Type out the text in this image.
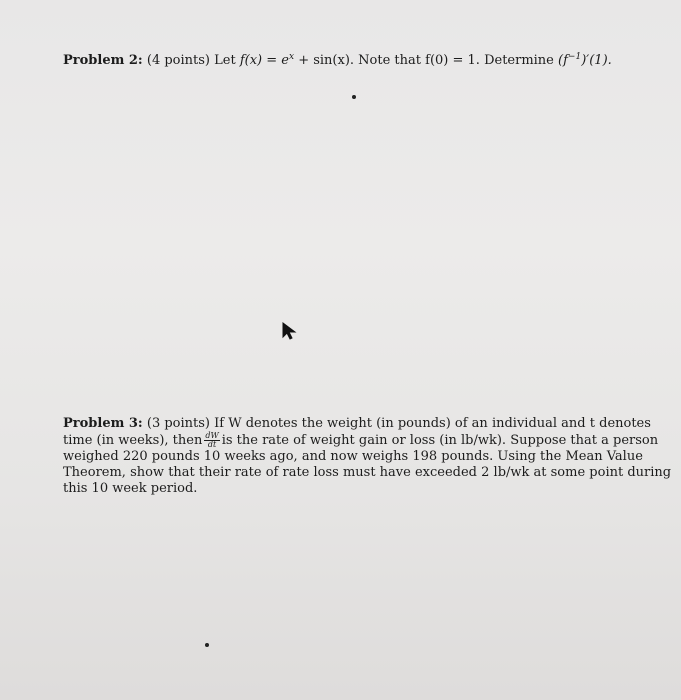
Problem 2: (4 points) Let $f(x) = e^x + \sin(x)$. Note that f(0) = 1. Determine $(f^{-1})'(1)$.
Problem 3: (3 points) If W denotes the weight (in pounds) of an individual and t denotes
time (in weeks), then $\frac{dW}{dt}$ is the rate of weight gain or loss (in lb/wk). Suppose that a person
weighed 220 pounds 10 weeks ago, and now weighs 198 pounds. Using the Mean Value
Theorem, show that their rate of rate loss must have exceeded 2 lb/wk at some point during
this 10 week period.
